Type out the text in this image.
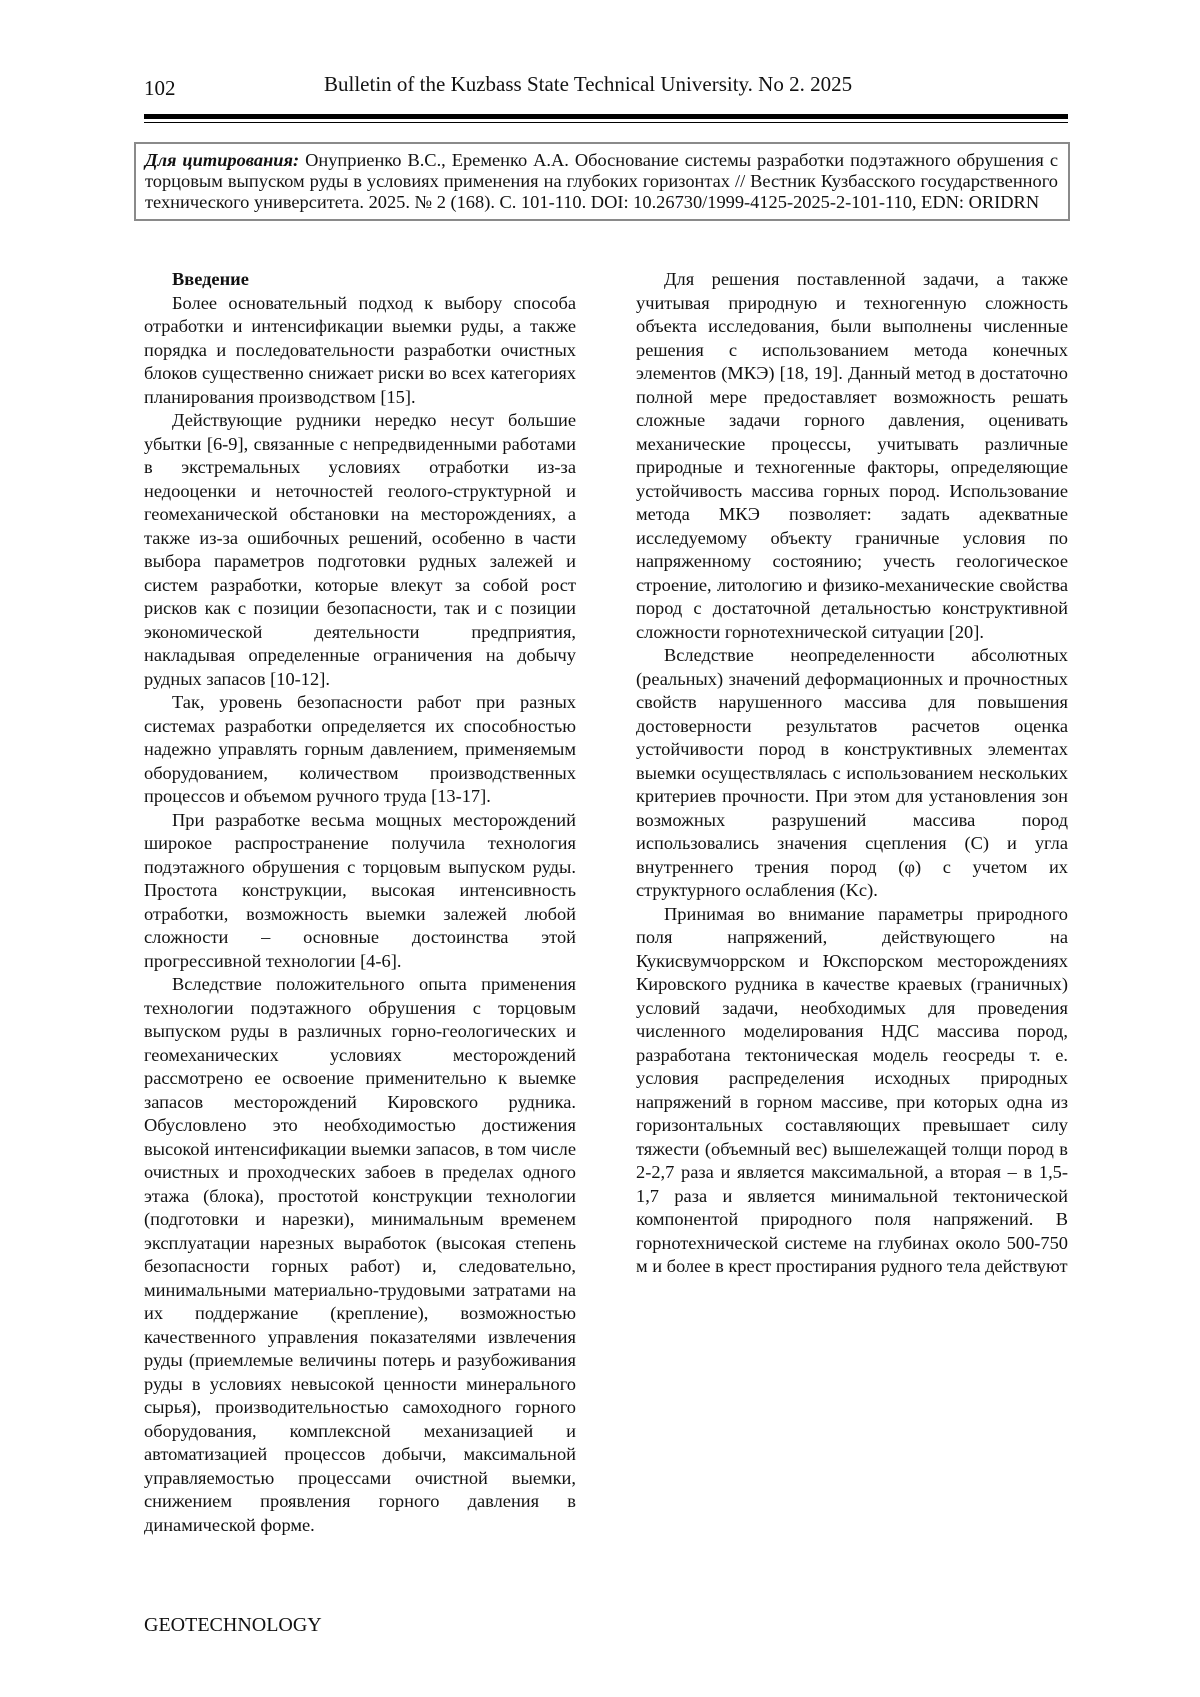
102	Bulletin of the Kuzbass State Technical University. No 2. 2025
Для цитирования: Онуприенко В.С., Еременко А.А. Обоснование системы разработки подэтажного обрушения с торцовым выпуском руды в условиях применения на глубоких горизонтах // Вестник Кузбасского государственного технического университета. 2025. № 2 (168). С. 101-110. DOI: 10.26730/1999-4125-2025-2-101-110, EDN: ORIDRN

Введение

Более основательный подход к выбору способа отработки и интенсификации выемки руды, а также порядка и последовательности разработки очистных блоков существенно снижает риски во всех категориях планирования производством [15].

Действующие рудники нередко несут большие убытки [6-9], связанные с непредвиденными работами в экстремальных условиях отработки из-за недооценки и неточностей геолого-структурной и геомеханической обстановки на месторождениях, а также из-за ошибочных решений, особенно в части выбора параметров подготовки рудных залежей и систем разработки, которые влекут за собой рост рисков как с позиции безопасности, так и с позиции экономической деятельности предприятия, накладывая определенные ограничения на добычу рудных запасов [10-12].

Так, уровень безопасности работ при разных системах разработки определяется их способностью надежно управлять горным давлением, применяемым оборудованием, количеством производственных процессов и объемом ручного труда [13-17].

При разработке весьма мощных месторождений широкое распространение получила технология подэтажного обрушения с торцовым выпуском руды. Простота конструкции, высокая интенсивность отработки, возможность выемки залежей любой сложности – основные достоинства этой прогрессивной технологии [4-6].

Вследствие положительного опыта применения технологии подэтажного обрушения с торцовым выпуском руды в различных горно-геологических и геомеханических условиях месторождений рассмотрено ее освоение применительно к выемке запасов месторождений Кировского рудника. Обусловлено это необходимостью достижения высокой интенсификации выемки запасов, в том числе очистных и проходческих забоев в пределах одного этажа (блока), простотой конструкции технологии (подготовки и нарезки), минимальным временем эксплуатации нарезных выработок (высокая степень безопасности горных работ) и, следовательно, минимальными материально-трудовыми затратами на их поддержание (крепление), возможностью качественного управления показателями извлечения руды (приемлемые величины потерь и разубоживания руды в условиях невысокой ценности минерального сырья), производительностью самоходного горного оборудования, комплексной механизацией и автоматизацией процессов добычи, максимальной управляемостью процессами очистной выемки, снижением проявления горного давления в динамической форме.

Для решения поставленной задачи, а также учитывая природную и техногенную сложность объекта исследования, были выполнены численные решения с использованием метода конечных элементов (МКЭ) [18, 19]. Данный метод в достаточно полной мере предоставляет возможность решать сложные задачи горного давления, оценивать механические процессы, учитывать различные природные и техногенные факторы, определяющие устойчивость массива горных пород. Использование метода МКЭ позволяет: задать адекватные исследуемому объекту граничные условия по напряженному состоянию; учесть геологическое строение, литологию и физико-механические свойства пород с достаточной детальностью конструктивной сложности горнотехнической ситуации [20].

Вследствие неопределенности абсолютных (реальных) значений деформационных и прочностных свойств нарушенного массива для повышения достоверности результатов расчетов оценка устойчивости пород в конструктивных элементах выемки осуществлялась с использованием нескольких критериев прочности. При этом для установления зон возможных разрушений массива пород использовались значения сцепления (С) и угла внутреннего трения пород (φ) с учетом их структурного ослабления (Kс).

Принимая во внимание параметры природного поля напряжений, действующего на Кукисвумчоррском и Юкспорском месторождениях Кировского рудника в качестве краевых (граничных) условий задачи, необходимых для проведения численного моделирования НДС массива пород, разработана тектоническая модель геосреды т. е. условия распределения исходных природных напряжений в горном массиве, при которых одна из горизонтальных составляющих превышает силу тяжести (объемный вес) вышележащей толщи пород в 2-2,7 раза и является максимальной, а вторая – в 1,5-1,7 раза и является минимальной тектонической компонентой природного поля напряжений. В горнотехнической системе на глубинах около 500-750 м и более в крест простирания рудного тела действуют

GEOTECHNOLOGY
